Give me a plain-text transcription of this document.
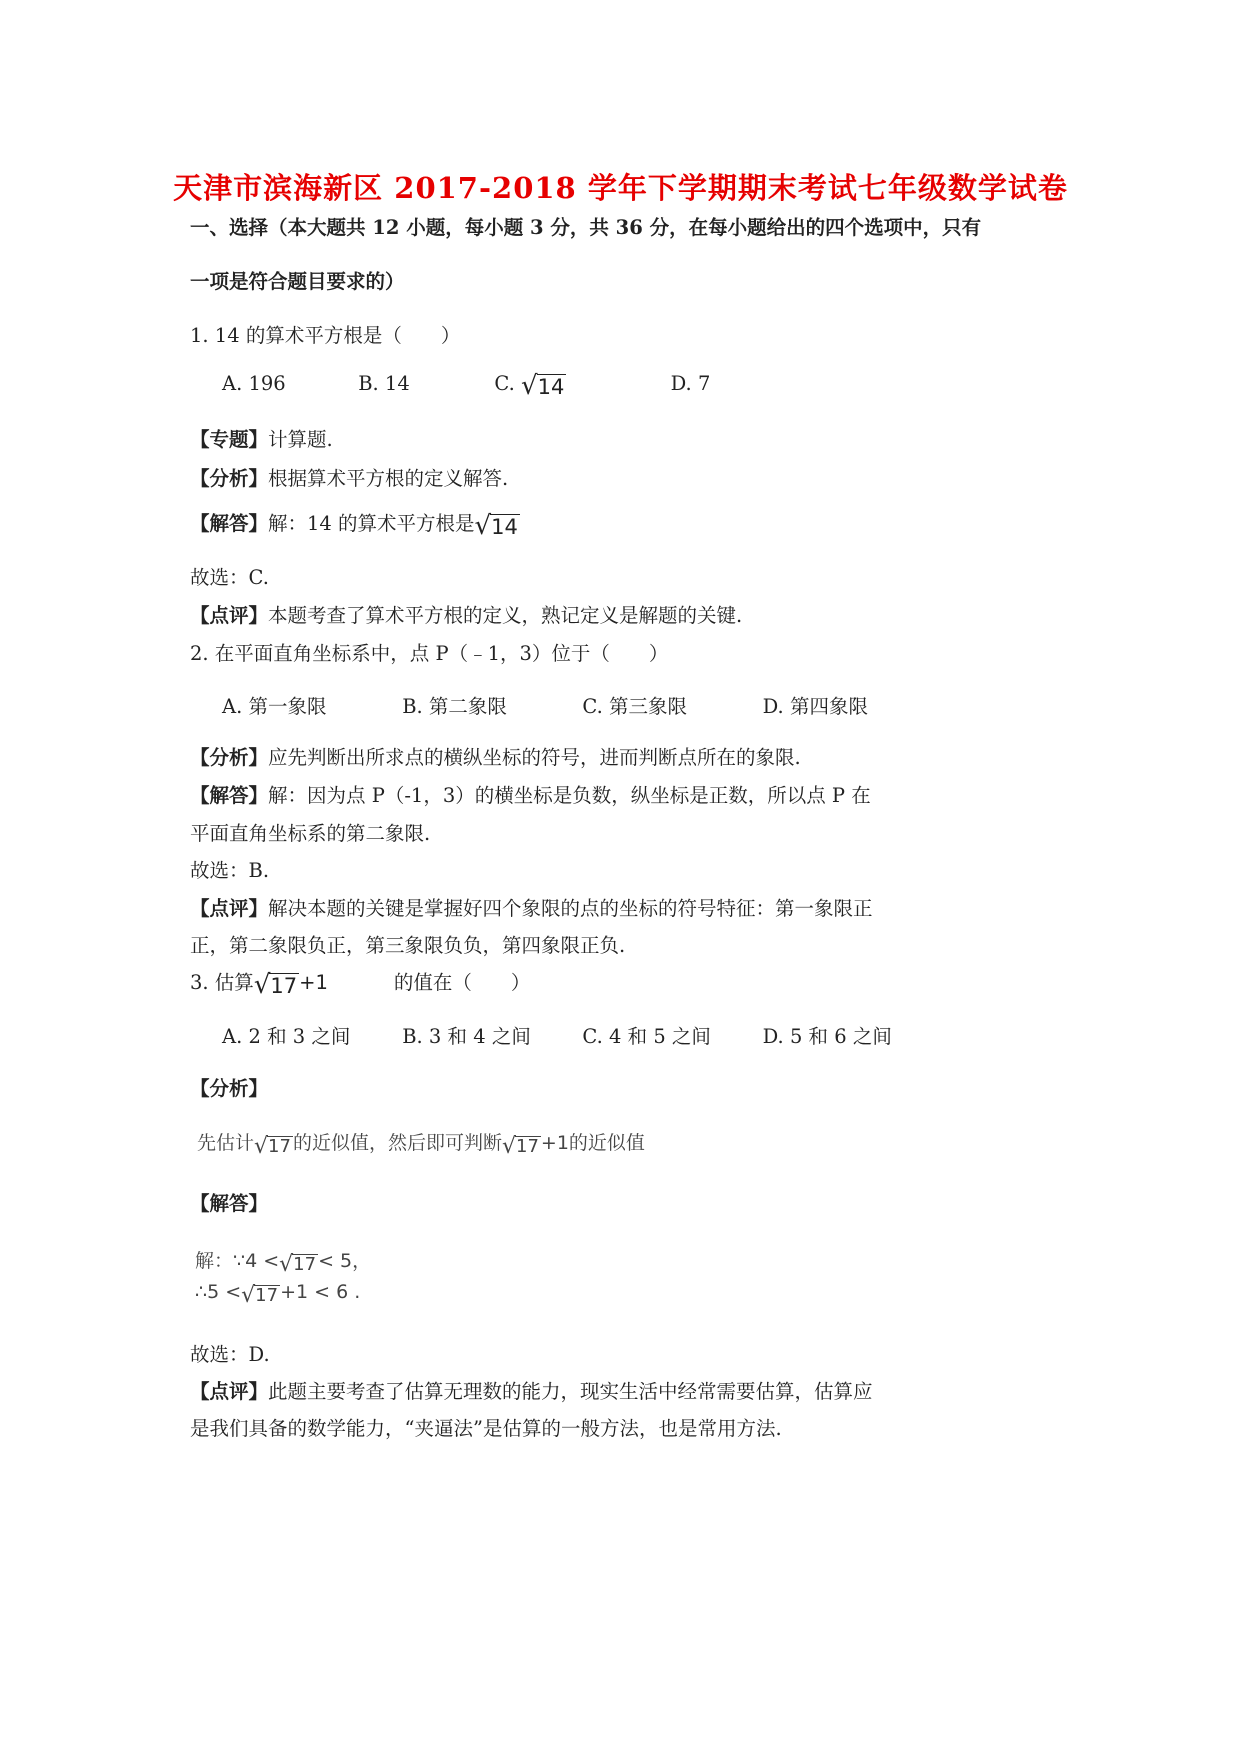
天津市滨海新区 2017-2018 学年下学期期末考试七年级数学试卷
一、选择（本大题共 12 小题，每小题 3 分，共 36 分，在每小题给出的四个选项中，只有
一项是符合题目要求的）
1. 14 的算术平方根是（　　）
A. 196	B. 14	C. √ 14	D. 7
【专题】计算题.
【分析】根据算术平方根的定义解答.
【解答】解：14 的算术平方根是 √ 14
故选：C.
【点评】本题考查了算术平方根的定义，熟记定义是解题的关键.
2. 在平面直角坐标系中，点 P（﹣1，3）位于（　　）
A. 第一象限	B. 第二象限	C. 第三象限	D. 第四象限
【分析】应先判断出所求点的横纵坐标的符号，进而判断点所在的象限.
【解答】解：因为点 P（-1，3）的横坐标是负数，纵坐标是正数，所以点 P 在
平面直角坐标系的第二象限.
故选：B.
【点评】解决本题的关键是掌握好四个象限的点的坐标的符号特征：第一象限正
正，第二象限负正，第三象限负负，第四象限正负.
3. 估算 √ 17 +1	的值在（　　）
A. 2 和 3 之间	B. 3 和 4 之间	C. 4 和 5 之间	D. 5 和 6 之间
【分析】
先估计 √ 17 的近似值，然后即可判断 √ 17 +1的近似值
【解答】
解：∵4 < √ 17 < 5，
∴5 < √ 17 +1 < 6 .
故选：D.
【点评】此题主要考查了估算无理数的能力，现实生活中经常需要估算，估算应
是我们具备的数学能力，“夹逼法”是估算的一般方法，也是常用方法.
